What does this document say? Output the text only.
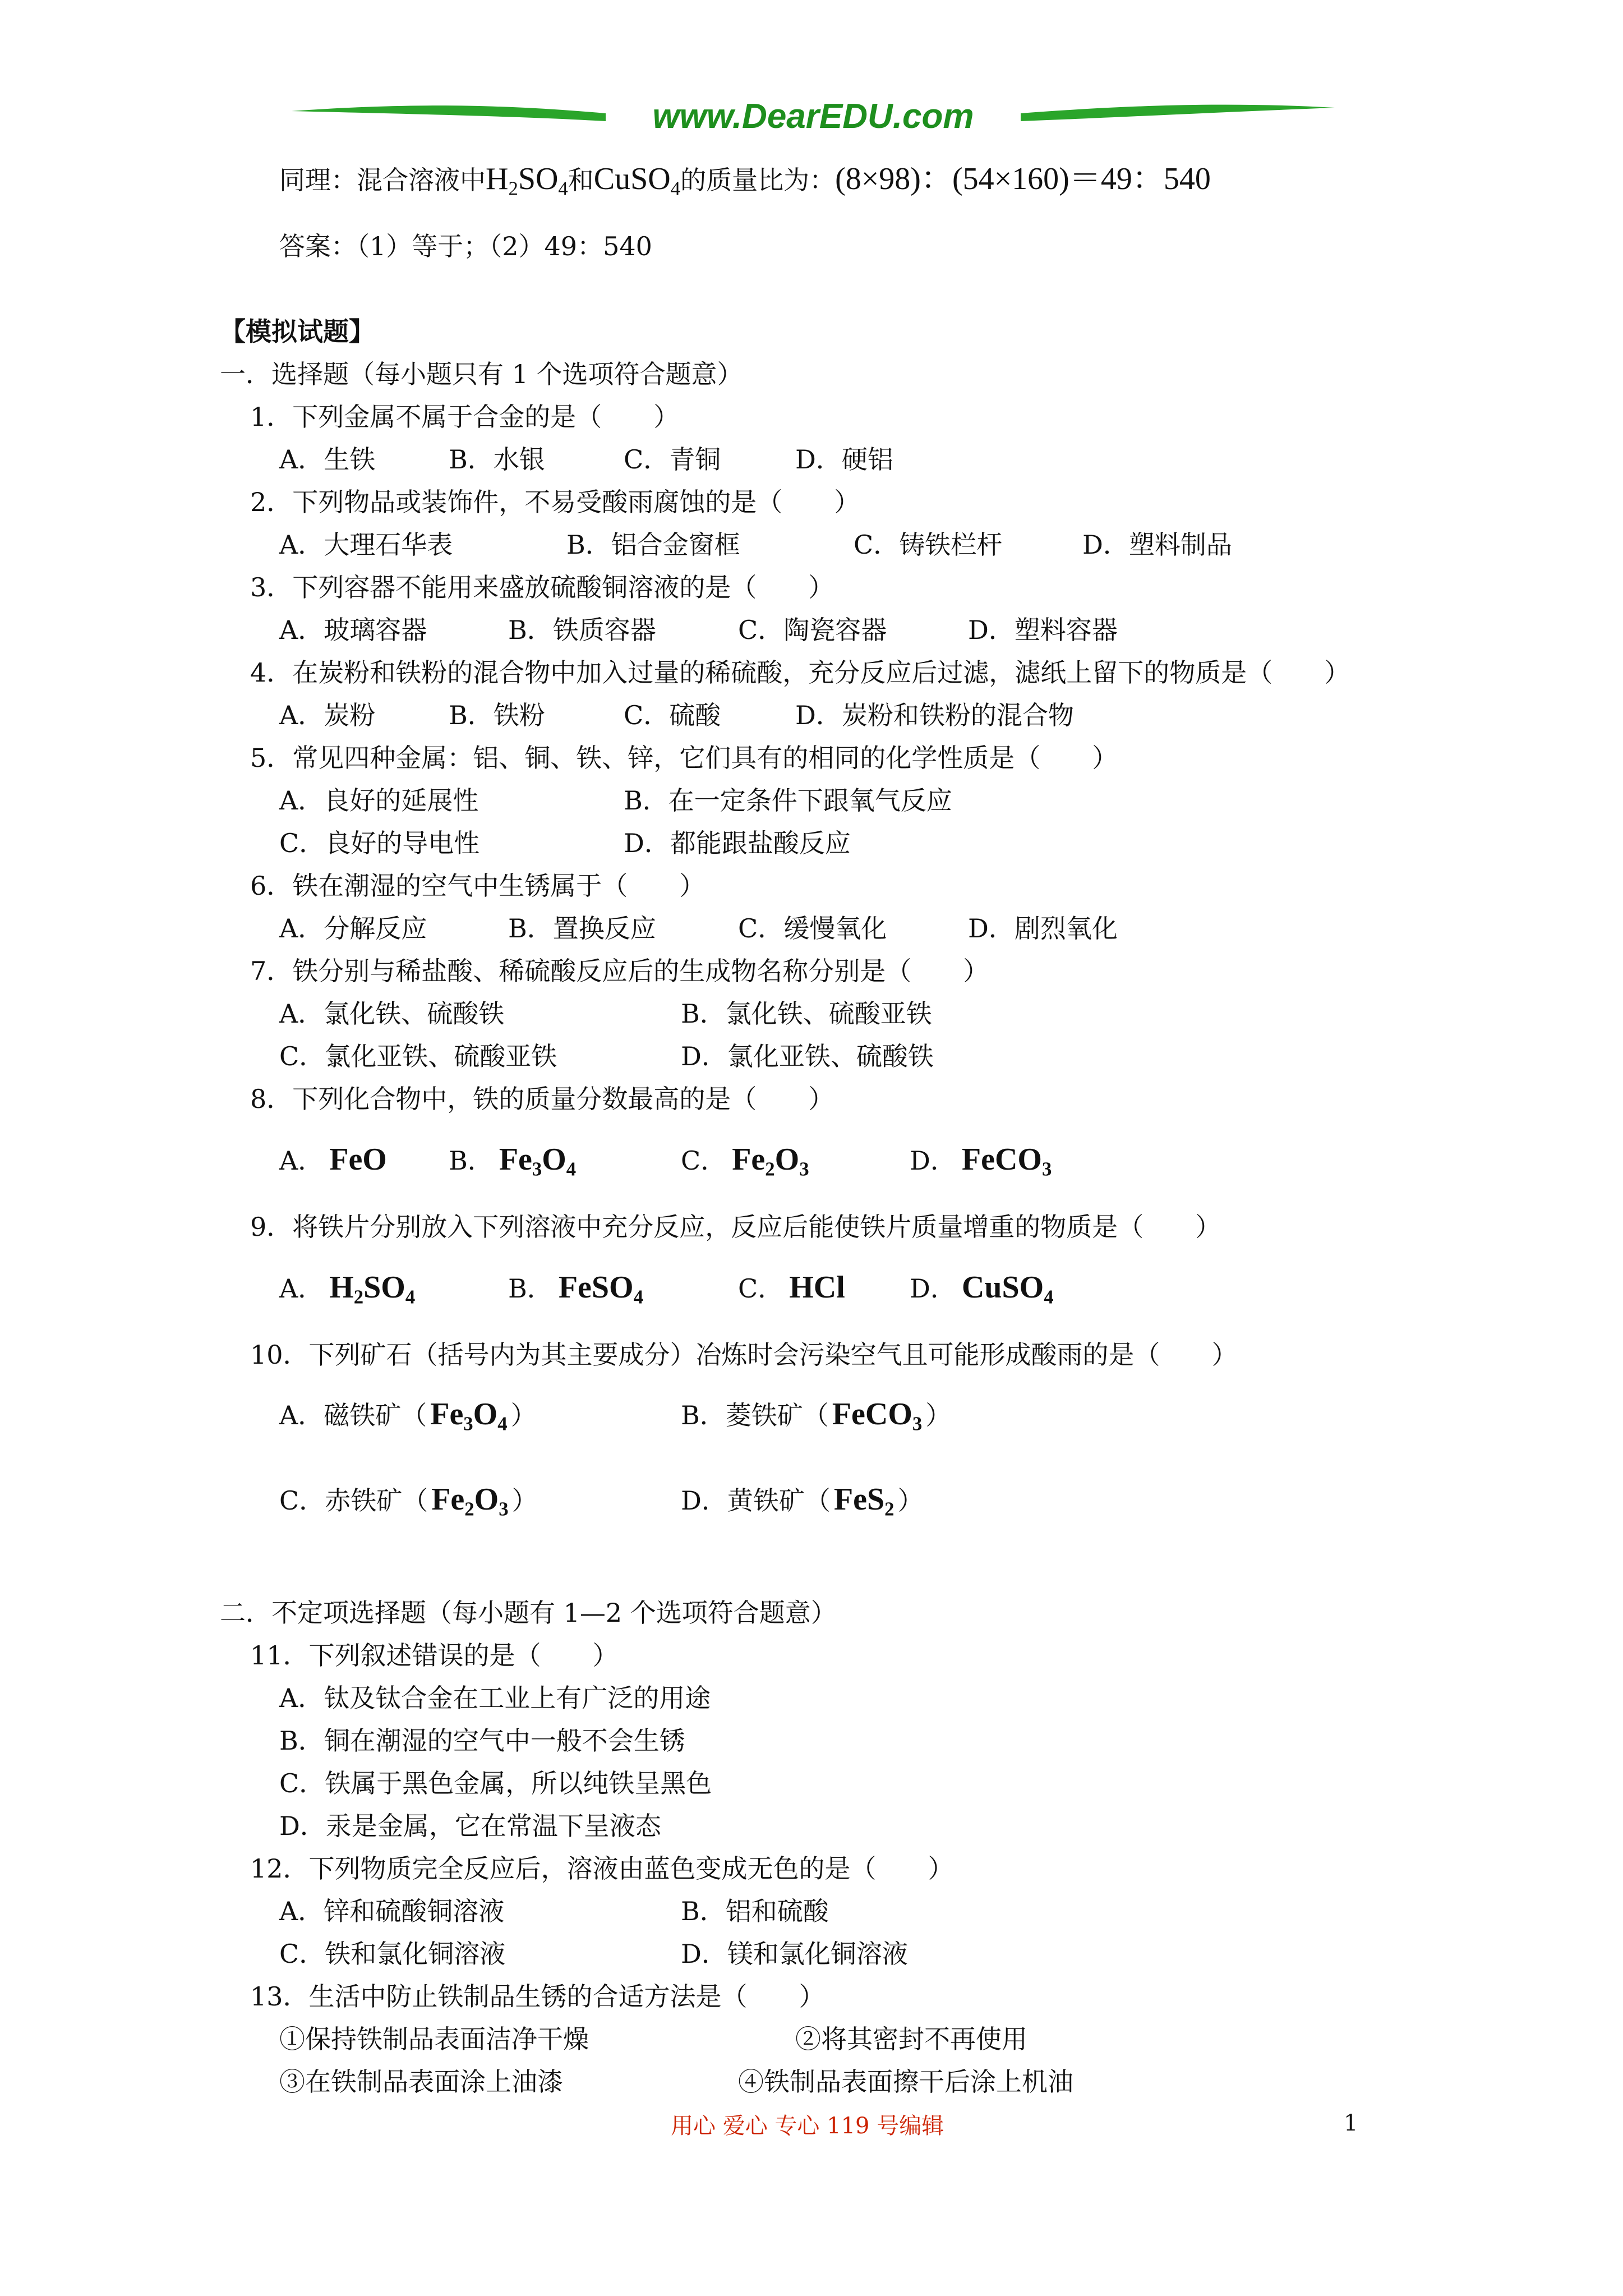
www.DearEDU.com
同理：混合溶液中$H_2SO_4$和CuSO$_4$的质量比为：(8×98)：(54×160)＝49：540
答案：（1）等于；（2）49：540
【模拟试题】
一．选择题（每小题只有 1 个选项符合题意）
1．下列金属不属于合金的是（　　）
A．生铁	B．水银	C．青铜	D．硬铝
2．下列物品或装饰件，不易受酸雨腐蚀的是（　　）
A．大理石华表	B．铝合金窗框	C．铸铁栏杆	D．塑料制品
3．下列容器不能用来盛放硫酸铜溶液的是（　　）
A．玻璃容器	B．铁质容器	C．陶瓷容器	D．塑料容器
4．在炭粉和铁粉的混合物中加入过量的稀硫酸，充分反应后过滤，滤纸上留下的物质是（　　）
A．炭粉	B．铁粉	C．硫酸	D．炭粉和铁粉的混合物
5．常见四种金属：铝、铜、铁、锌，它们具有的相同的化学性质是（　　）
A．良好的延展性	B．在一定条件下跟氧气反应
C．良好的导电性	D．都能跟盐酸反应
6．铁在潮湿的空气中生锈属于（　　）
A．分解反应	B．置换反应	C．缓慢氧化	D．剧烈氧化
7．铁分别与稀盐酸、稀硫酸反应后的生成物名称分别是（　　）
A．氯化铁、硫酸铁	B．氯化铁、硫酸亚铁
C．氯化亚铁、硫酸亚铁	D．氯化亚铁、硫酸铁
8．下列化合物中，铁的质量分数最高的是（　　）
A． FeO B． $Fe_3O_4$	C． $Fe_2O_3$	D． FeCO$_3$
9．将铁片分别放入下列溶液中充分反应，反应后能使铁片质量增重的物质是（　　）
A． $H_2SO_4$	B． FeSO$_4$	C． HCl	D． CuSO$_4$
10．下列矿石（括号内为其主要成分）冶炼时会污染空气且可能形成酸雨的是（　　）
A．磁铁矿（ $Fe_3O_4$ ）	B．菱铁矿（ FeCO$_3$ ）
C．赤铁矿（ $Fe_2O_3$ ）	D．黄铁矿（ FeS$_2$ ）
二．不定项选择题（每小题有 1—2 个选项符合题意）
11．下列叙述错误的是（　　）
A．钛及钛合金在工业上有广泛的用途
B．铜在潮湿的空气中一般不会生锈
C．铁属于黑色金属，所以纯铁呈黑色
D．汞是金属，它在常温下呈液态
12．下列物质完全反应后，溶液由蓝色变成无色的是（　　）
A．锌和硫酸铜溶液	B．铝和硫酸
C．铁和氯化铜溶液	D．镁和氯化铜溶液
13．生活中防止铁制品生锈的合适方法是（　　）
①保持铁制品表面洁净干燥	②将其密封不再使用
③在铁制品表面涂上油漆	④铁制品表面擦干后涂上机油
用心 爱心 专心 119 号编辑	1
